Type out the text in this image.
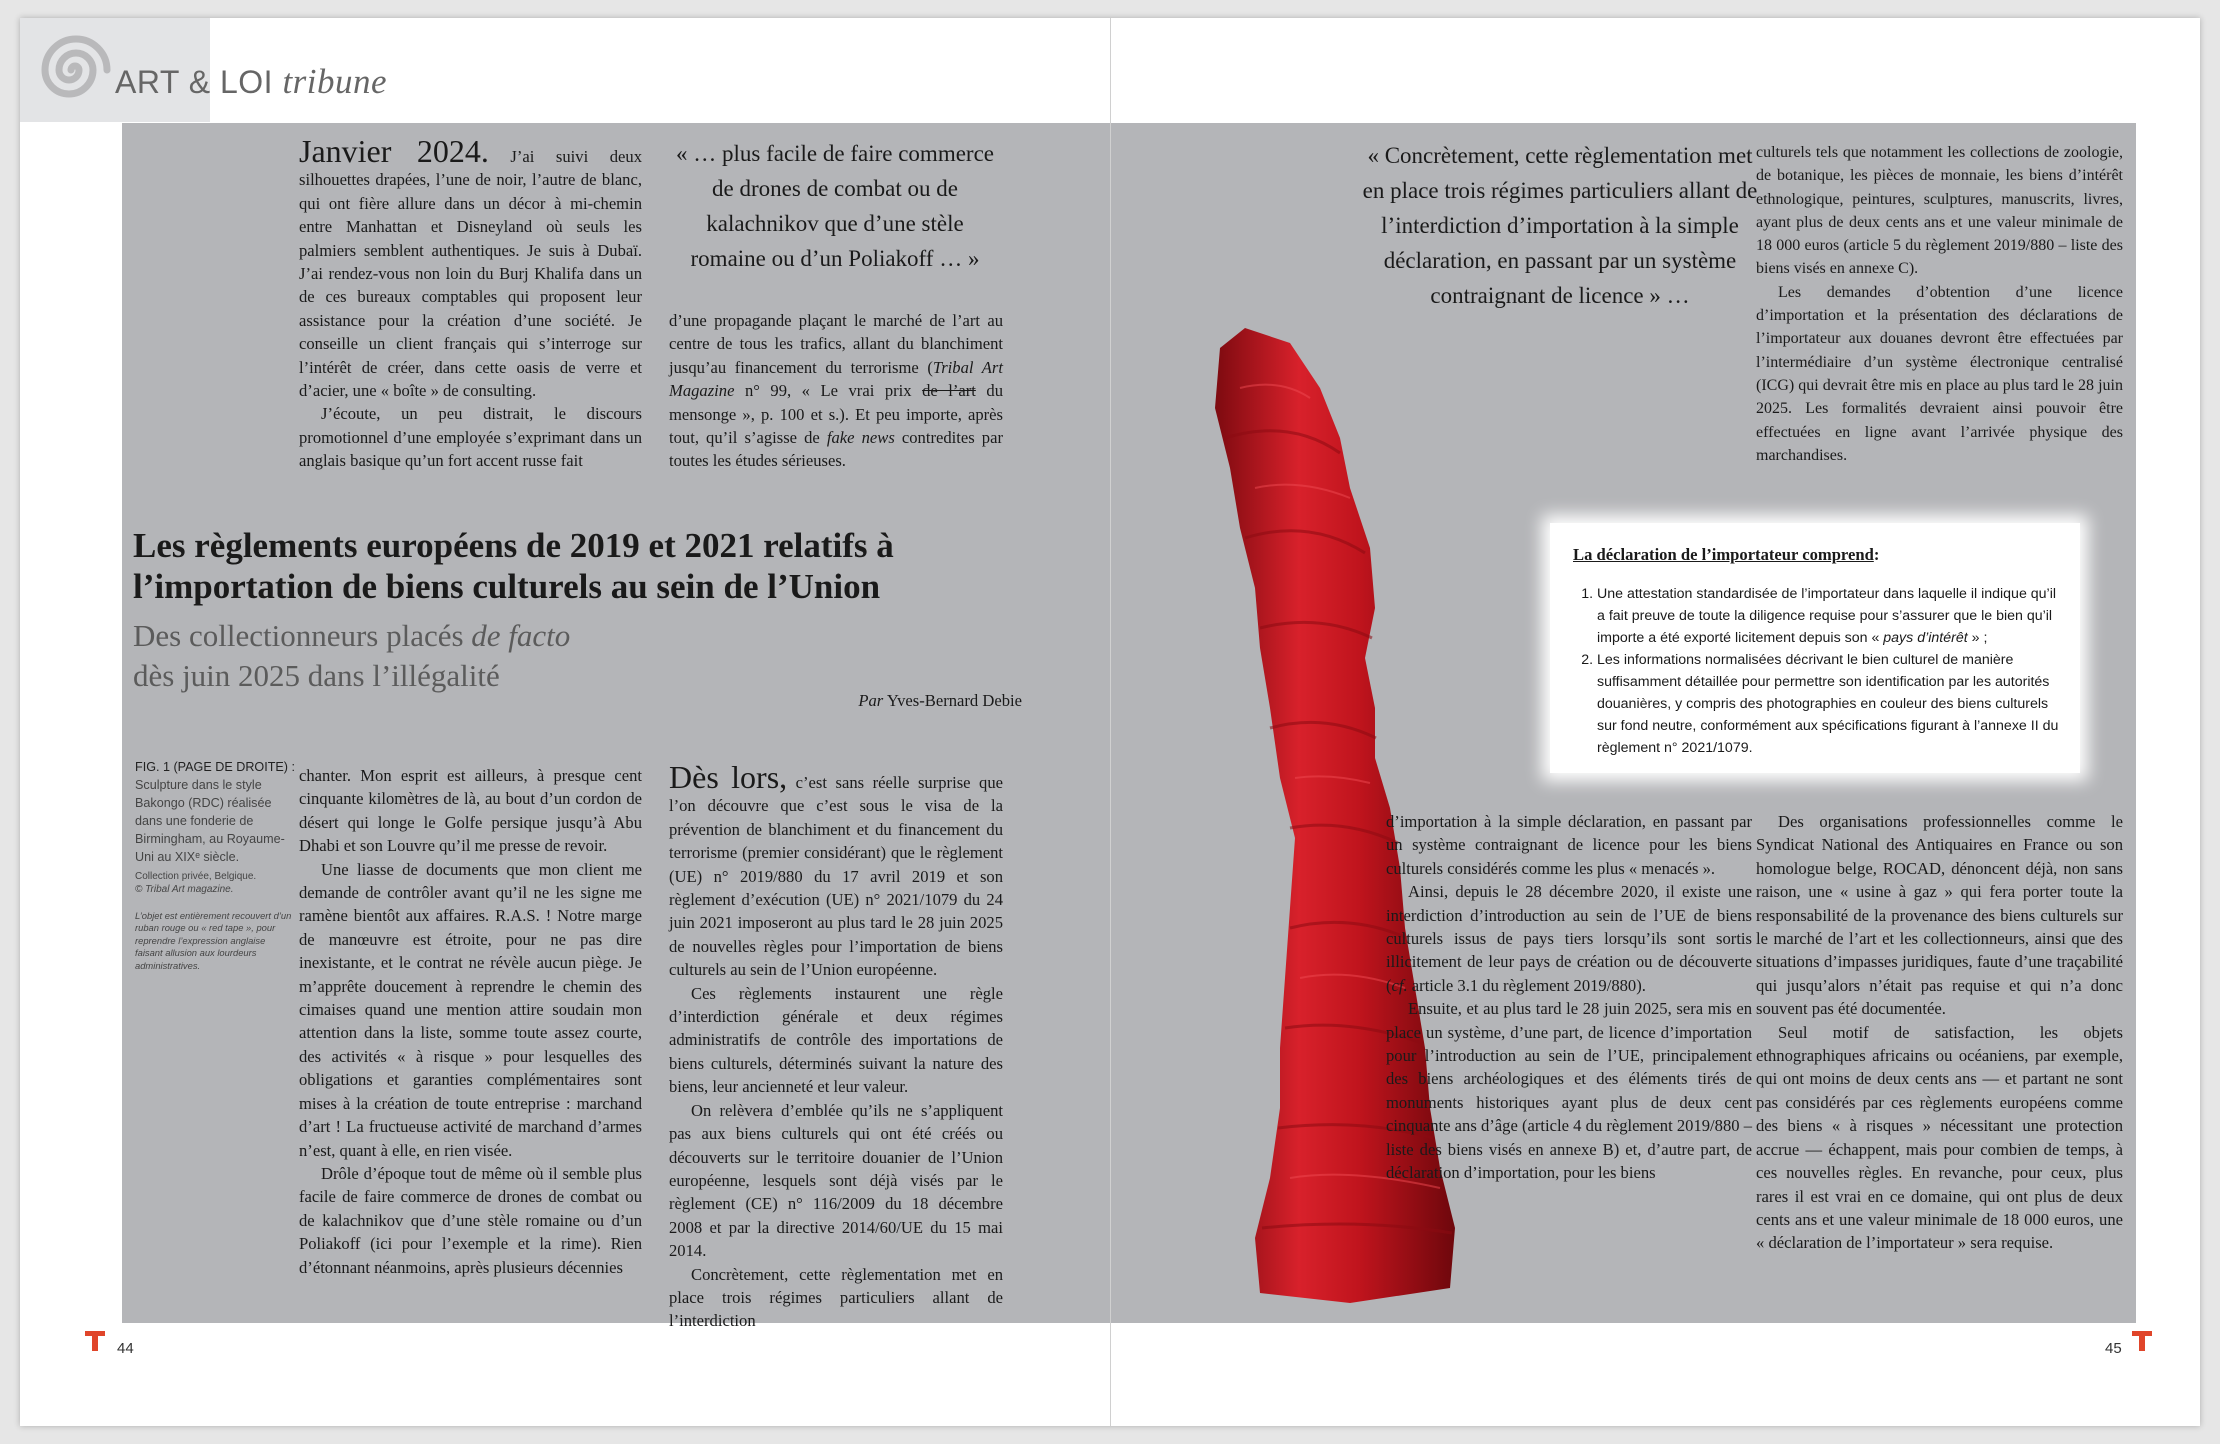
ART & LOI tribune

Janvier 2024. J’ai suivi deux silhouettes drapées, l’une de noir, l’autre de blanc, qui ont fière allure dans un décor à mi-chemin entre Manhattan et Disneyland où seuls les palmiers semblent authentiques. Je suis à Dubaï. J’ai rendez-vous non loin du Burj Khalifa dans un de ces bureaux comptables qui proposent leur assistance pour la création d’une société. Je conseille un client français qui s’interroge sur l’intérêt de créer, dans cette oasis de verre et d’acier, une « boîte » de consulting.

J’écoute, un peu distrait, le discours promotionnel d’une employée s’exprimant dans un anglais basique qu’un fort accent russe fait

« … plus facile de faire commerce de drones de combat ou de kalachnikov que d’une stèle romaine ou d’un Poliakoff … »

d’une propagande plaçant le marché de l’art au centre de tous les trafics, allant du blanchiment jusqu’au financement du terrorisme (Tribal Art Magazine n° 99, « Le vrai prix de l’art du mensonge », p. 100 et s.). Et peu importe, après tout, qu’il s’agisse de fake news contredites par toutes les études sérieuses.

Les règlements européens de 2019 et 2021 relatifs à l’importation de biens culturels au sein de l’Union
Des collectionneurs placés de facto
dès juin 2025 dans l’illégalité
Par Yves-Bernard Debie
FIG. 1 (PAGE DE DROITE) : Sculpture dans le style Bakongo (RDC) réalisée dans une fonderie de Birmingham, au Royaume-Uni au XIXᵉ siècle.
Collection privée, Belgique.
© Tribal Art magazine.
L’objet est entièrement recouvert d’un ruban rouge ou « red tape », pour reprendre l’expression anglaise faisant allusion aux lourdeurs administratives.

chanter. Mon esprit est ailleurs, à presque cent cinquante kilomètres de là, au bout d’un cordon de désert qui longe le Golfe persique jusqu’à Abu Dhabi et son Louvre qu’il me presse de revoir.

Une liasse de documents que mon client me demande de contrôler avant qu’il ne les signe me ramène bientôt aux affaires. R.A.S. ! Notre marge de manœuvre est étroite, pour ne pas dire inexistante, et le contrat ne révèle aucun piège. Je m’apprête doucement à reprendre le chemin des cimaises quand une mention attire soudain mon attention dans la liste, somme toute assez courte, des activités « à risque » pour lesquelles des obligations et garanties complémentaires sont mises à la création de toute entreprise : marchand d’art ! La fructueuse activité de marchand d’armes n’est, quant à elle, en rien visée.

Drôle d’époque tout de même où il semble plus facile de faire commerce de drones de combat ou de kalachnikov que d’une stèle romaine ou d’un Poliakoff (ici pour l’exemple et la rime). Rien d’étonnant néanmoins, après plusieurs décennies

Dès lors, c’est sans réelle surprise que l’on découvre que c’est sous le visa de la prévention de blanchiment et du financement du terrorisme (premier considérant) que le règlement (UE) n° 2019/880 du 17 avril 2019 et son règlement d’exécution (UE) n° 2021/1079 du 24 juin 2021 imposeront au plus tard le 28 juin 2025 de nouvelles règles pour l’importation de biens culturels au sein de l’Union européenne.

Ces règlements instaurent une règle d’interdiction générale et deux régimes administratifs de contrôle des importations de biens culturels, déterminés suivant la nature des biens, leur ancienneté et leur valeur.

On relèvera d’emblée qu’ils ne s’appliquent pas aux biens culturels qui ont été créés ou découverts sur le territoire douanier de l’Union européenne, lesquels sont déjà visés par le règlement (CE) n° 116/2009 du 18 décembre 2008 et par la directive 2014/60/UE du 15 mai 2014.

Concrètement, cette règlementation met en place trois régimes particuliers allant de l’interdiction

« Concrètement, cette règlementation met en place trois régimes particuliers allant de l’interdiction d’importation à la simple déclaration, en passant par un système contraignant de licence » …

culturels tels que notamment les collections de zoologie, de botanique, les pièces de monnaie, les biens d’intérêt ethnologique, peintures, sculptures, manuscrits, livres, ayant plus de deux cents ans et une valeur minimale de 18 000 euros (article 5 du règlement 2019/880 – liste des biens visés en annexe C).

Les demandes d’obtention d’une licence d’importation et la présentation des déclarations de l’importateur aux douanes devront être effectuées par l’intermédiaire d’un système électronique centralisé (ICG) qui devrait être mis en place au plus tard le 28 juin 2025. Les formalités devraient ainsi pouvoir être effectuées en ligne avant l’arrivée physique des marchandises.

La déclaration de l’importateur comprend:
1. Une attestation standardisée de l’importateur dans laquelle il indique qu’il a fait preuve de toute la diligence requise pour s’assurer que le bien qu’il importe a été exporté licitement depuis son « pays d’intérêt » ;
2. Les informations normalisées décrivant le bien culturel de manière suffisamment détaillée pour permettre son identification par les autorités douanières, y compris des photographies en couleur des biens culturels sur fond neutre, conformément aux spécifications figurant à l’annexe II du règlement n° 2021/1079.

d’importation à la simple déclaration, en passant par un système contraignant de licence pour les biens culturels considérés comme les plus « menacés ».

Ainsi, depuis le 28 décembre 2020, il existe une interdiction d’introduction au sein de l’UE de biens culturels issus de pays tiers lorsqu’ils sont sortis illicitement de leur pays de création ou de découverte (cf. article 3.1 du règlement 2019/880).

Ensuite, et au plus tard le 28 juin 2025, sera mis en place un système, d’une part, de licence d’importation pour l’introduction au sein de l’UE, principalement des biens archéologiques et des éléments tirés de monuments historiques ayant plus de deux cent cinquante ans d’âge (article 4 du règlement 2019/880 – liste des biens visés en annexe B) et, d’autre part, de déclaration d’importation, pour les biens

Des organisations professionnelles comme le Syndicat National des Antiquaires en France ou son homologue belge, ROCAD, dénoncent déjà, non sans raison, une « usine à gaz » qui fera porter toute la responsabilité de la provenance des biens culturels sur le marché de l’art et les collectionneurs, ainsi que des situations d’impasses juridiques, faute d’une traçabilité qui jusqu’alors n’était pas requise et qui n’a donc souvent pas été documentée.

Seul motif de satisfaction, les objets ethnographiques africains ou océaniens, par exemple, qui ont moins de deux cents ans — et partant ne sont pas considérés par ces règlements européens comme des biens « à risques » nécessitant une protection accrue — échappent, mais pour combien de temps, à ces nouvelles règles. En revanche, pour ceux, plus rares il est vrai en ce domaine, qui ont plus de deux cents ans et une valeur minimale de 18 000 euros, une « déclaration de l’importateur » sera requise.

44	45
